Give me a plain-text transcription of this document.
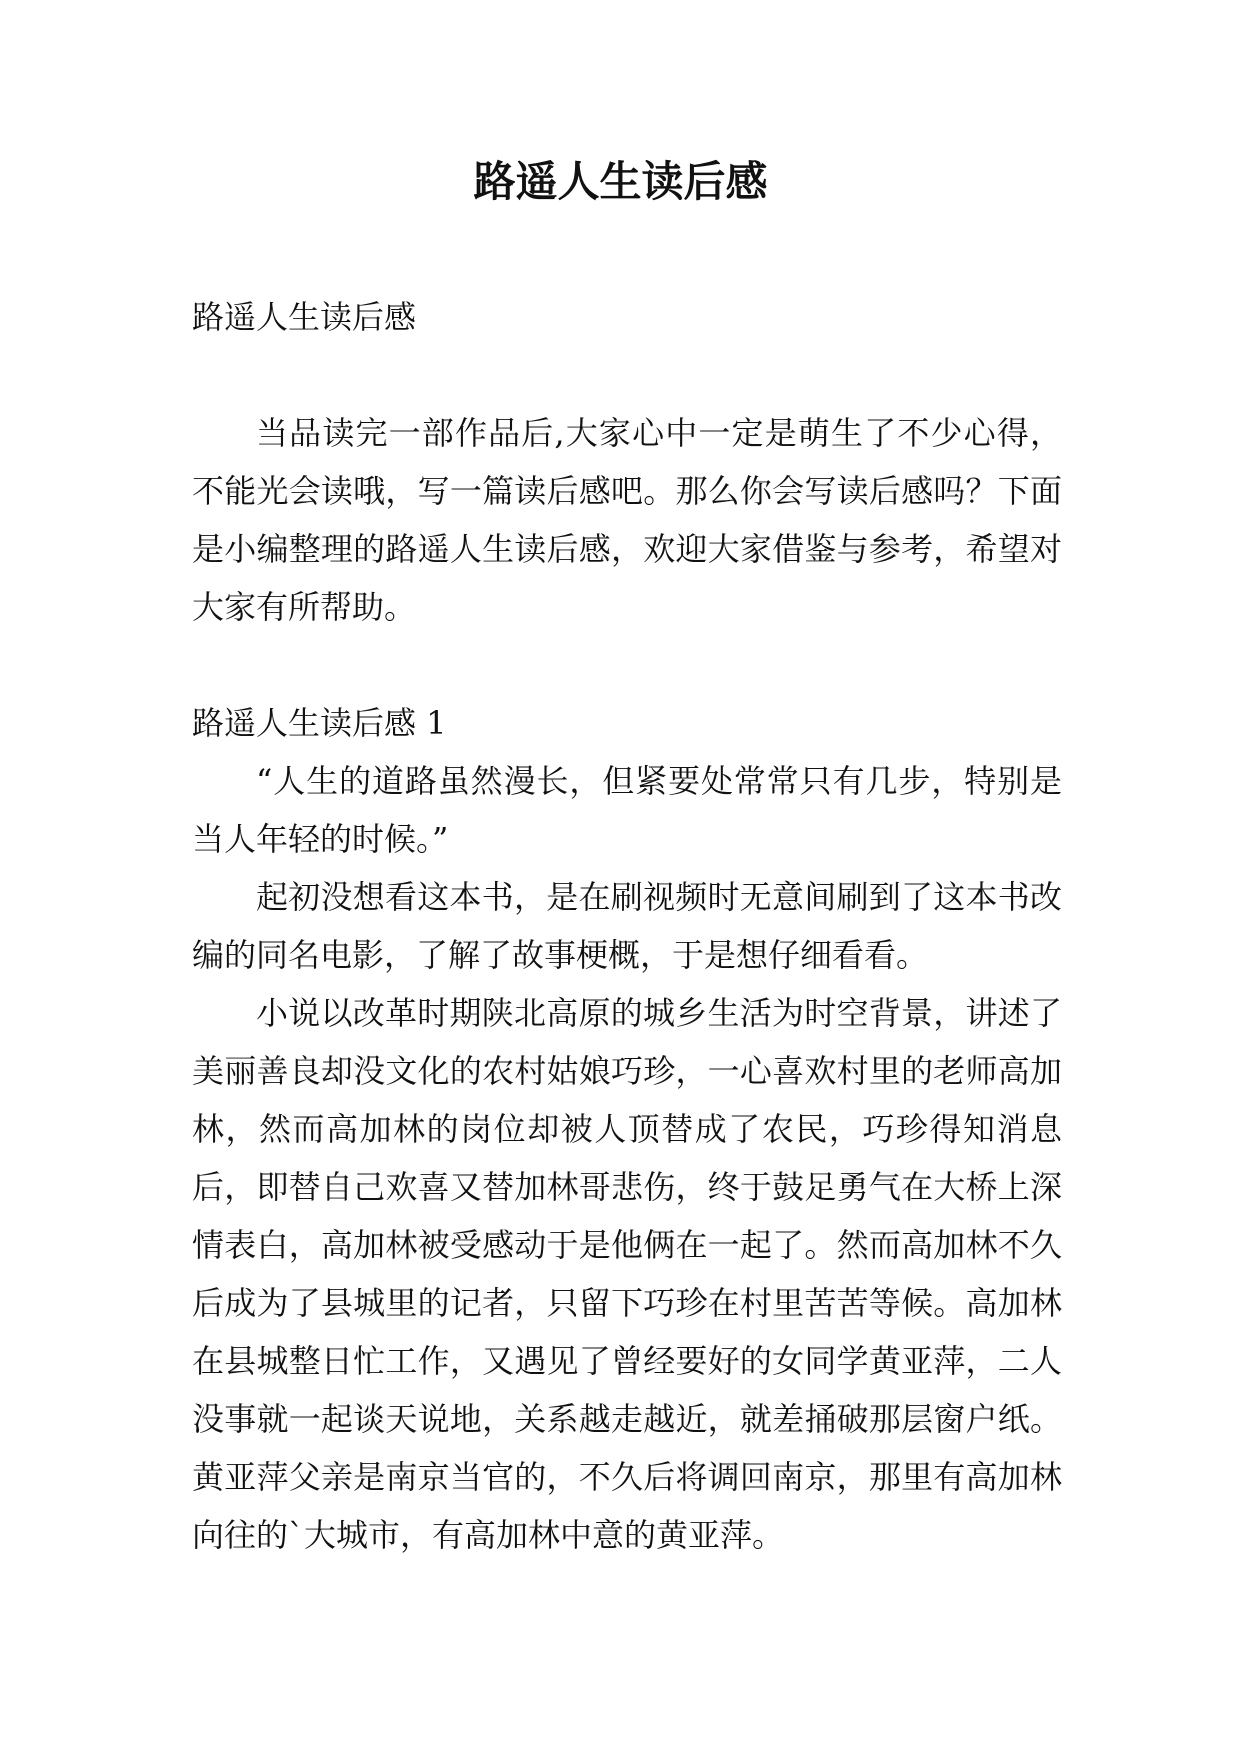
路遥人生读后感

路遥人生读后感

当品读完一部作品后,大家心中一定是萌生了不少心得，不能光会读哦，写一篇读后感吧。那么你会写读后感吗？下面是小编整理的路遥人生读后感，欢迎大家借鉴与参考，希望对大家有所帮助。

路遥人生读后感 1

“人生的道路虽然漫长，但紧要处常常只有几步，特别是当人年轻的时候。”

起初没想看这本书，是在刷视频时无意间刷到了这本书改编的同名电影，了解了故事梗概，于是想仔细看看。

小说以改革时期陕北高原的城乡生活为时空背景，讲述了美丽善良却没文化的农村姑娘巧珍，一心喜欢村里的老师高加林，然而高加林的岗位却被人顶替成了农民，巧珍得知消息后，即替自己欢喜又替加林哥悲伤，终于鼓足勇气在大桥上深情表白，高加林被受感动于是他俩在一起了。然而高加林不久后成为了县城里的记者，只留下巧珍在村里苦苦等候。高加林在县城整日忙工作，又遇见了曾经要好的女同学黄亚萍，二人没事就一起谈天说地，关系越走越近，就差捅破那层窗户纸。黄亚萍父亲是南京当官的，不久后将调回南京，那里有高加林向往的`大城市，有高加林中意的黄亚萍。
